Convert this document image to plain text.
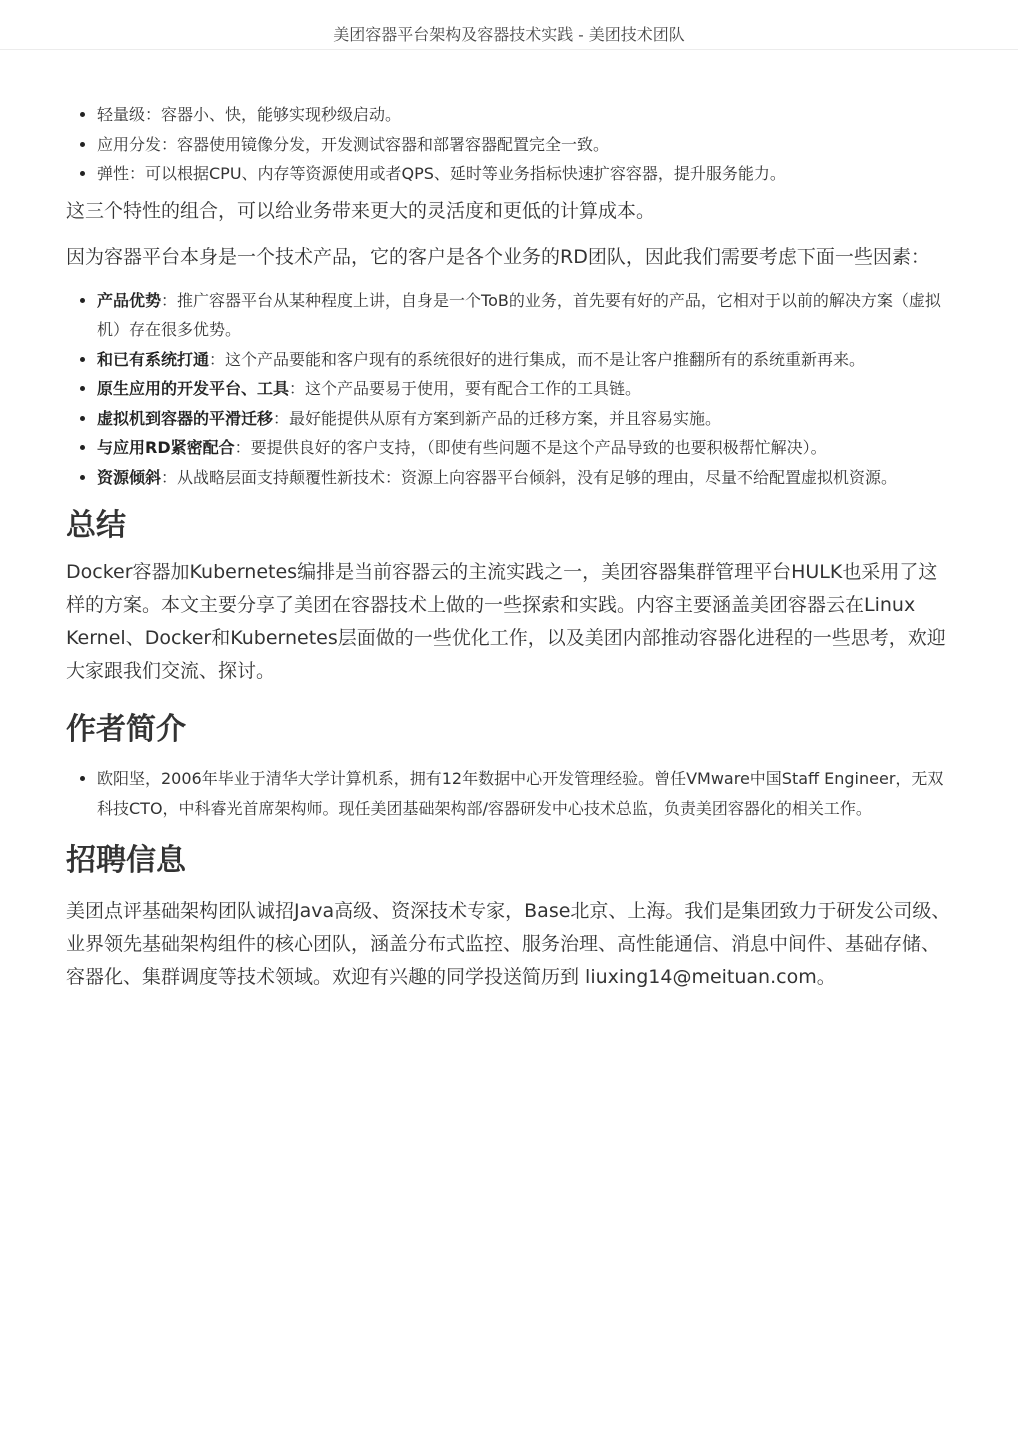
美团容器平台架构及容器技术实践 - 美团技术团队
• 轻量级：容器小、快，能够实现秒级启动。
• 应用分发：容器使用镜像分发，开发测试容器和部署容器配置完全一致。
• 弹性：可以根据CPU、内存等资源使用或者QPS、延时等业务指标快速扩容容器，提升服务能力。

这三个特性的组合，可以给业务带来更大的灵活度和更低的计算成本。

因为容器平台本身是一个技术产品，它的客户是各个业务的RD团队，因此我们需要考虑下面一些因素：

• 产品优势：推广容器平台从某种程度上讲，自身是一个ToB的业务，首先要有好的产品，它相对于以前的解决方案（虚拟机）存在很多优势。
• 和已有系统打通：这个产品要能和客户现有的系统很好的进行集成，而不是让客户推翻所有的系统重新再来。
• 原生应用的开发平台、工具：这个产品要易于使用，要有配合工作的工具链。
• 虚拟机到容器的平滑迁移：最好能提供从原有方案到新产品的迁移方案，并且容易实施。
• 与应用RD紧密配合：要提供良好的客户支持，（即使有些问题不是这个产品导致的也要积极帮忙解决）。
• 资源倾斜：从战略层面支持颠覆性新技术：资源上向容器平台倾斜，没有足够的理由，尽量不给配置虚拟机资源。
总结

Docker容器加Kubernetes编排是当前容器云的主流实践之一，美团容器集群管理平台HULK也采用了这样的方案。本文主要分享了美团在容器技术上做的一些探索和实践。内容主要涵盖美团容器云在Linux Kernel、Docker和Kubernetes层面做的一些优化工作，以及美团内部推动容器化进程的一些思考，欢迎大家跟我们交流、探讨。

作者简介
• 欧阳坚，2006年毕业于清华大学计算机系，拥有12年数据中心开发管理经验。曾任VMware中国Staff Engineer，无双科技CTO，中科睿光首席架构师。现任美团基础架构部/容器研发中心技术总监，负责美团容器化的相关工作。
招聘信息

美团点评基础架构团队诚招Java高级、资深技术专家，Base北京、上海。我们是集团致力于研发公司级、业界领先基础架构组件的核心团队，涵盖分布式监控、服务治理、高性能通信、消息中间件、基础存储、容器化、集群调度等技术领域。欢迎有兴趣的同学投送简历到 liuxing14@meituan.com。
